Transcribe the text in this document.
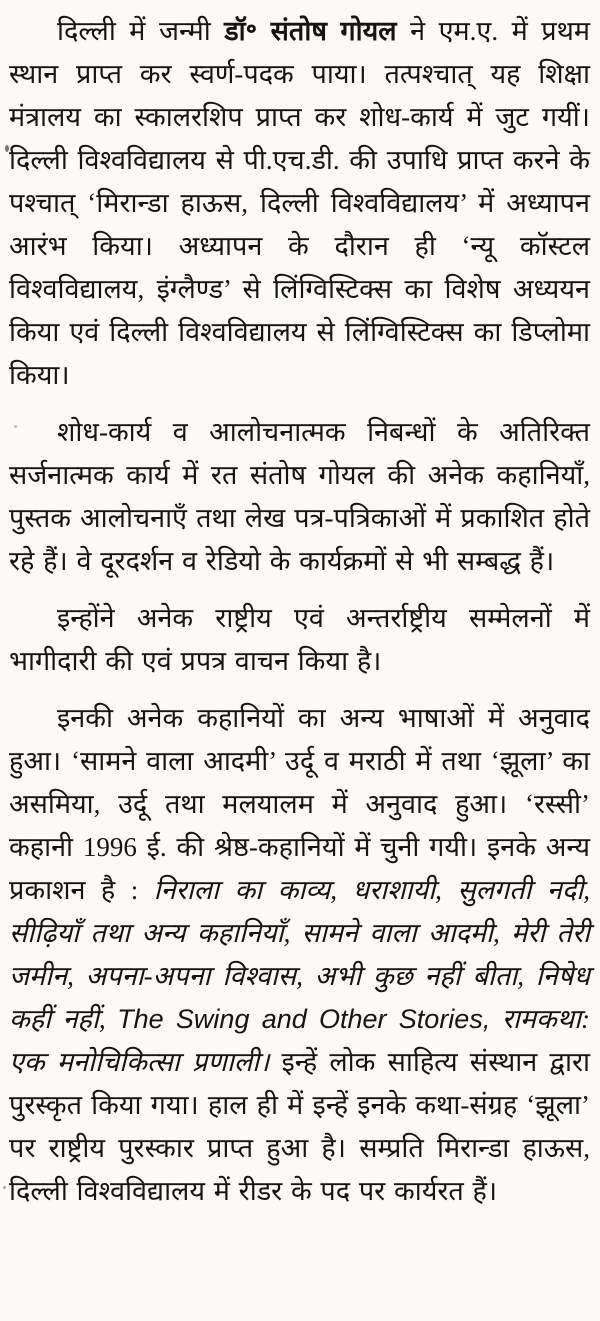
दिल्ली में जन्मी डॉ॰ संतोष गोयल ने एम.ए. में प्रथम स्थान प्राप्त कर स्वर्ण-पदक पाया। तत्पश्चात् यह शिक्षा मंत्रालय का स्कालरशिप प्राप्त कर शोध-कार्य में जुट गयीं। दिल्ली विश्वविद्यालय से पी.एच.डी. की उपाधि प्राप्त करने के पश्चात् ‘मिरान्डा हाऊस, दिल्ली विश्वविद्यालय’ में अध्यापन आरंभ किया। अध्यापन के दौरान ही ‘न्यू कॉस्टल विश्वविद्यालय, इंग्लैण्ड’ से लिंग्विस्टिक्स का विशेष अध्ययन किया एवं दिल्ली विश्वविद्यालय से लिंग्विस्टिक्स का डिप्लोमा किया।

शोध-कार्य व आलोचनात्मक निबन्धों के अतिरिक्त सर्जनात्मक कार्य में रत संतोष गोयल की अनेक कहानियाँ, पुस्तक आलोचनाएँ तथा लेख पत्र-पत्रिकाओं में प्रकाशित होते रहे हैं। वे दूरदर्शन व रेडियो के कार्यक्रमों से भी सम्बद्ध हैं।

इन्होंने अनेक राष्ट्रीय एवं अन्तर्राष्ट्रीय सम्मेलनों में भागीदारी की एवं प्रपत्र वाचन किया है।

इनकी अनेक कहानियों का अन्य भाषाओं में अनुवाद हुआ। ‘सामने वाला आदमी’ उर्दू व मराठी में तथा ‘झूला’ का असमिया, उर्दू तथा मलयालम में अनुवाद हुआ। ‘रस्सी’ कहानी 1996 ई. की श्रेष्ठ-कहानियों में चुनी गयी। इनके अन्य प्रकाशन है : निराला का काव्य, धराशायी, सुलगती नदी, सीढ़ियाँ तथा अन्य कहानियाँ, सामने वाला आदमी, मेरी तेरी जमीन, अपना-अपना विश्वास, अभी कुछ नहीं बीता, निषेध कहीं नहीं, The Swing and Other Stories, रामकथा: एक मनोचिकित्सा प्रणाली। इन्हें लोक साहित्य संस्थान द्वारा पुरस्कृत किया गया। हाल ही में इन्हें इनके कथा-संग्रह ‘झूला’ पर राष्ट्रीय पुरस्कार प्राप्त हुआ है। सम्प्रति मिरान्डा हाऊस, दिल्ली विश्वविद्यालय में रीडर के पद पर कार्यरत हैं।
